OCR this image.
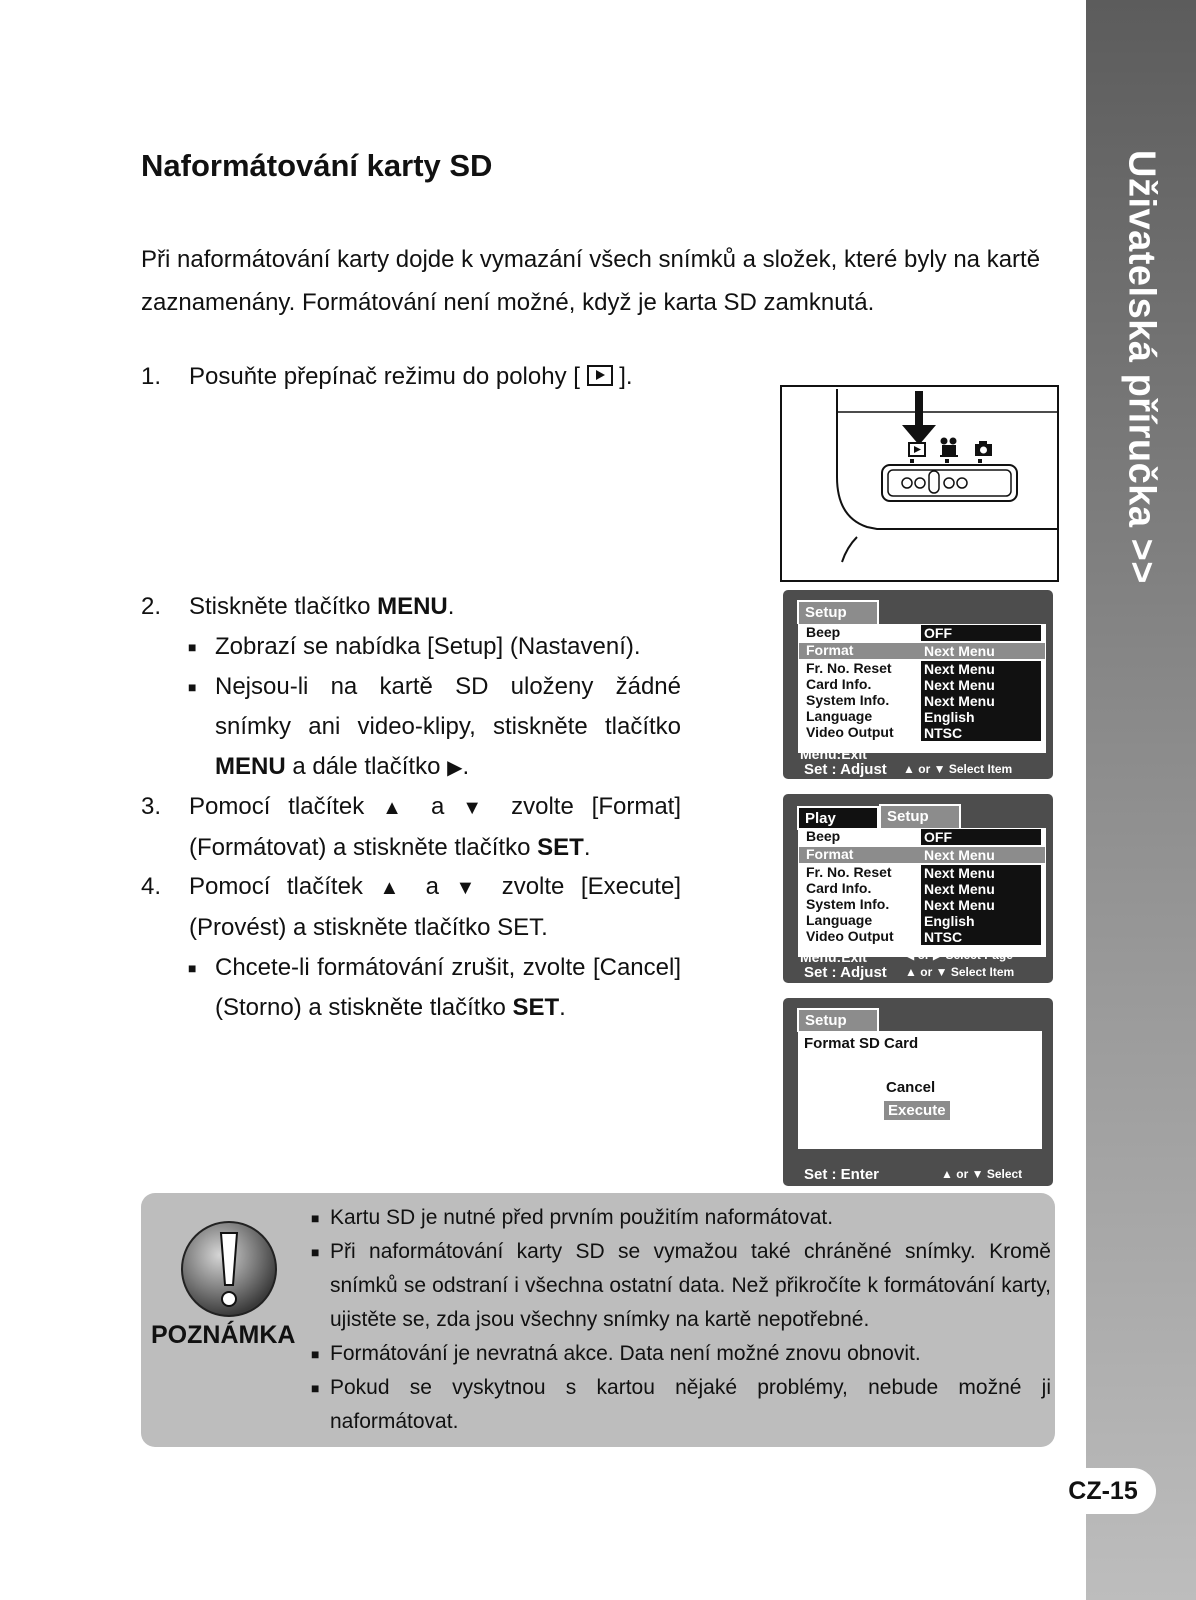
Uživatelská příručka >>
CZ-15
Naformátování karty SD

Při naformátování karty dojde k vymazání všech snímků a složek, které byly na kartě zaznamenány. Formátování není možné, když je karta SD zamknutá.

1. Posuňte přepínač režimu do polohy [ ].
2. Stiskněte tlačítko MENU.
■ Zobrazí se nabídka [Setup] (Nastavení).
■ Nejsou-li na kartě SD uloženy žádné snímky ani video-klipy, stiskněte tlačítko MENU a dále tlačítko ▶.
3. Pomocí tlačítek ▲ a ▼ zvolte [Format] (Formátovat) a stiskněte tlačítko SET.
4. Pomocí tlačítek ▲ a ▼ zvolte [Execute] (Provést) a stiskněte tlačítko SET.
■ Chcete-li formátování zrušit, zvolte [Cancel] (Storno) a stiskněte tlačítko SET.
Setup
Beep	OFF
Format	Next Menu
Fr. No. Reset Next Menu
Card Info.	Next Menu
System Info. Next Menu
Language	English
Video Output NTSC
Menu:Exit
Set : Adjust ▲ or ▼ Select Item
Play	Setup
Beep	OFF
Format	Next Menu
Fr. No. Reset Next Menu
Card Info.	Next Menu
System Info. Next Menu
Language	English
Video Output NTSC
Menu:Exit
Set : Adjust
◀ or ▶ Select Page
▲ or ▼ Select Item
Setup
Format SD Card
Cancel
Execute
Set : Enter	▲ or ▼ Select
POZNÁMKA
■ Kartu SD je nutné před prvním použitím naformátovat.
■ Při naformátování karty SD se vymažou také chráněné snímky. Kromě snímků se odstraní i všechna ostatní data. Než přikročíte k formátování karty, ujistěte se, zda jsou všechny snímky na kartě nepotřebné.
■ Formátování je nevratná akce. Data není možné znovu obnovit.
■ Pokud se vyskytnou s kartou nějaké problémy, nebude možné ji naformátovat.
